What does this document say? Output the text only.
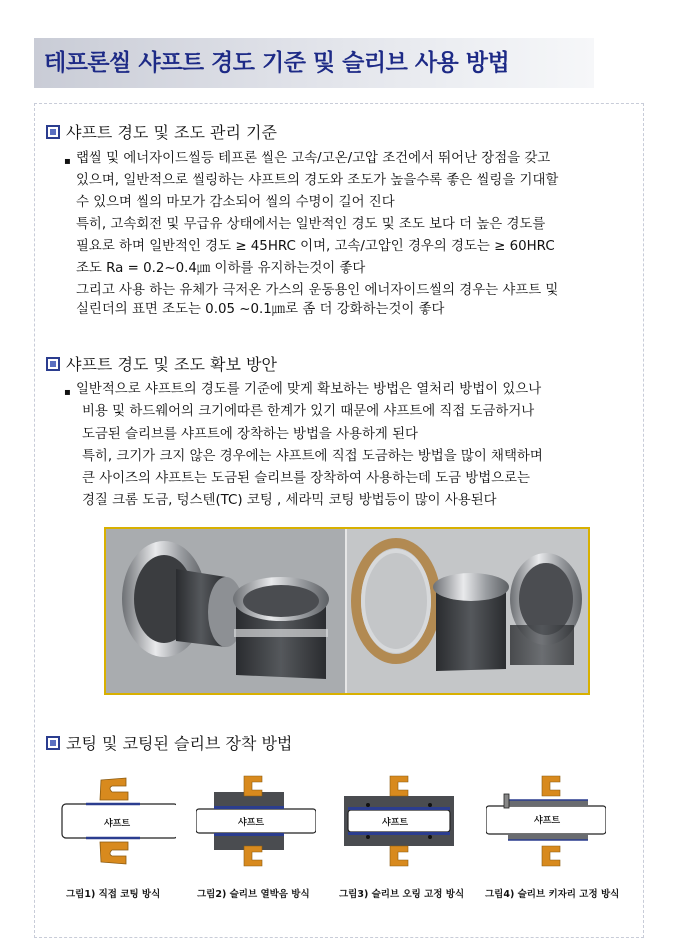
테프론씰 샤프트 경도 기준 및 슬리브 사용 방법
샤프트 경도 및 조도 관리 기준
▪ 랩씰 및 에너자이드씰등 테프론 씰은 고속/고온/고압 조건에서 뛰어난 장점을 갖고
있으며, 일반적으로 씰링하는 샤프트의 경도와 조도가 높을수록 좋은 씰링을 기대할
수 있으며 씰의 마모가 감소되어 씰의 수명이 길어 진다
특히, 고속회전 및 무급유 상태에서는 일반적인 경도 및 조도 보다 더 높은 경도를
필요로 하며 일반적인 경도 ≥ 45HRC 이며, 고속/고압인 경우의 경도는 ≥ 60HRC
조도 Ra = 0.2~0.4㎛ 이하를 유지하는것이 좋다
그리고 사용 하는 유체가 극저온 가스의 운동용인 에너자이드씰의 경우는 샤프트 및
실린더의 표면 조도는 0.05 ~0.1㎛로 좀 더 강화하는것이 좋다
샤프트 경도 및 조도 확보 방안
▪ 일반적으로 샤프트의 경도를 기준에 맞게 확보하는 방법은 열처리 방법이 있으나
비용 및 하드웨어의 크기에따른 한계가 있기 때문에 샤프트에 직접 도금하거나
도금된 슬리브를 샤프트에 장착하는 방법을 사용하게 된다
특히, 크기가 크지 않은 경우에는 샤프트에 직접 도금하는 방법을 많이 채택하며
큰 사이즈의 샤프트는 도금된 슬리브를 장착하여 사용하는데 도금 방법으로는
경질 크롬 도금, 텅스텐(TC) 코팅 , 세라믹 코팅 방법등이 많이 사용된다
코팅 및 코팅된 슬리브 장착 방법
샤프트	샤프트	샤프트	샤프트
그림1) 직접 코팅 방식	그림2) 슬리브 열박음 방식	그림3) 슬리브 오링 고정 방식 그림4) 슬리브 키자리 고정 방식
